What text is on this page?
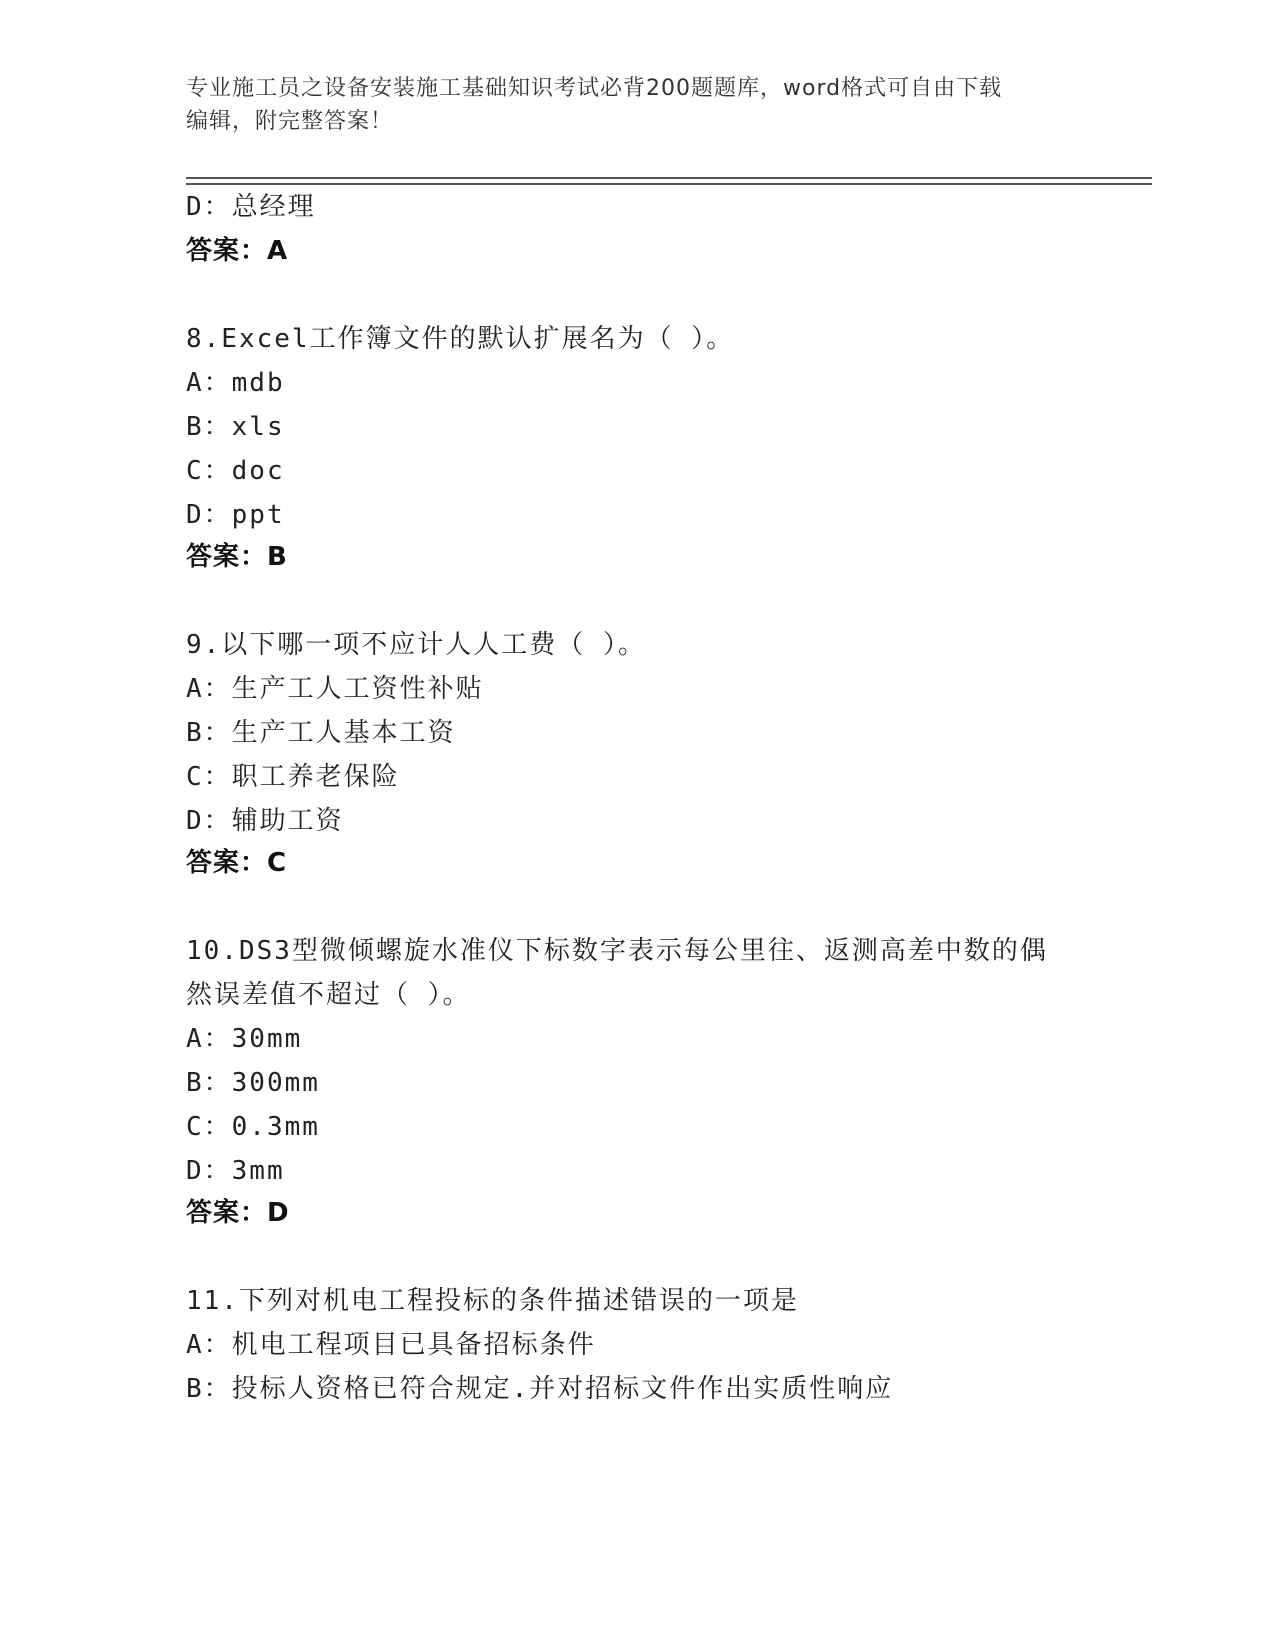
专业施工员之设备安装施工基础知识考试必背200题题库，word格式可自由下载
编辑，附完整答案！
D：总经理
答案：A
8.Excel工作簿文件的默认扩展名为（ ）。
A：mdb
B：xls
C：doc
D：ppt
答案：B
9.以下哪一项不应计人人工费（ ）。
A：生产工人工资性补贴
B：生产工人基本工资
C：职工养老保险
D：辅助工资
答案：C
10.DS3型微倾螺旋水准仪下标数字表示每公里往、返测高差中数的偶
然误差值不超过（ ）。
A：30mm
B：300mm
C：0.3mm
D：3mm
答案：D
11.下列对机电工程投标的条件描述错误的一项是
A：机电工程项目已具备招标条件
B：投标人资格已符合规定.并对招标文件作出实质性响应
